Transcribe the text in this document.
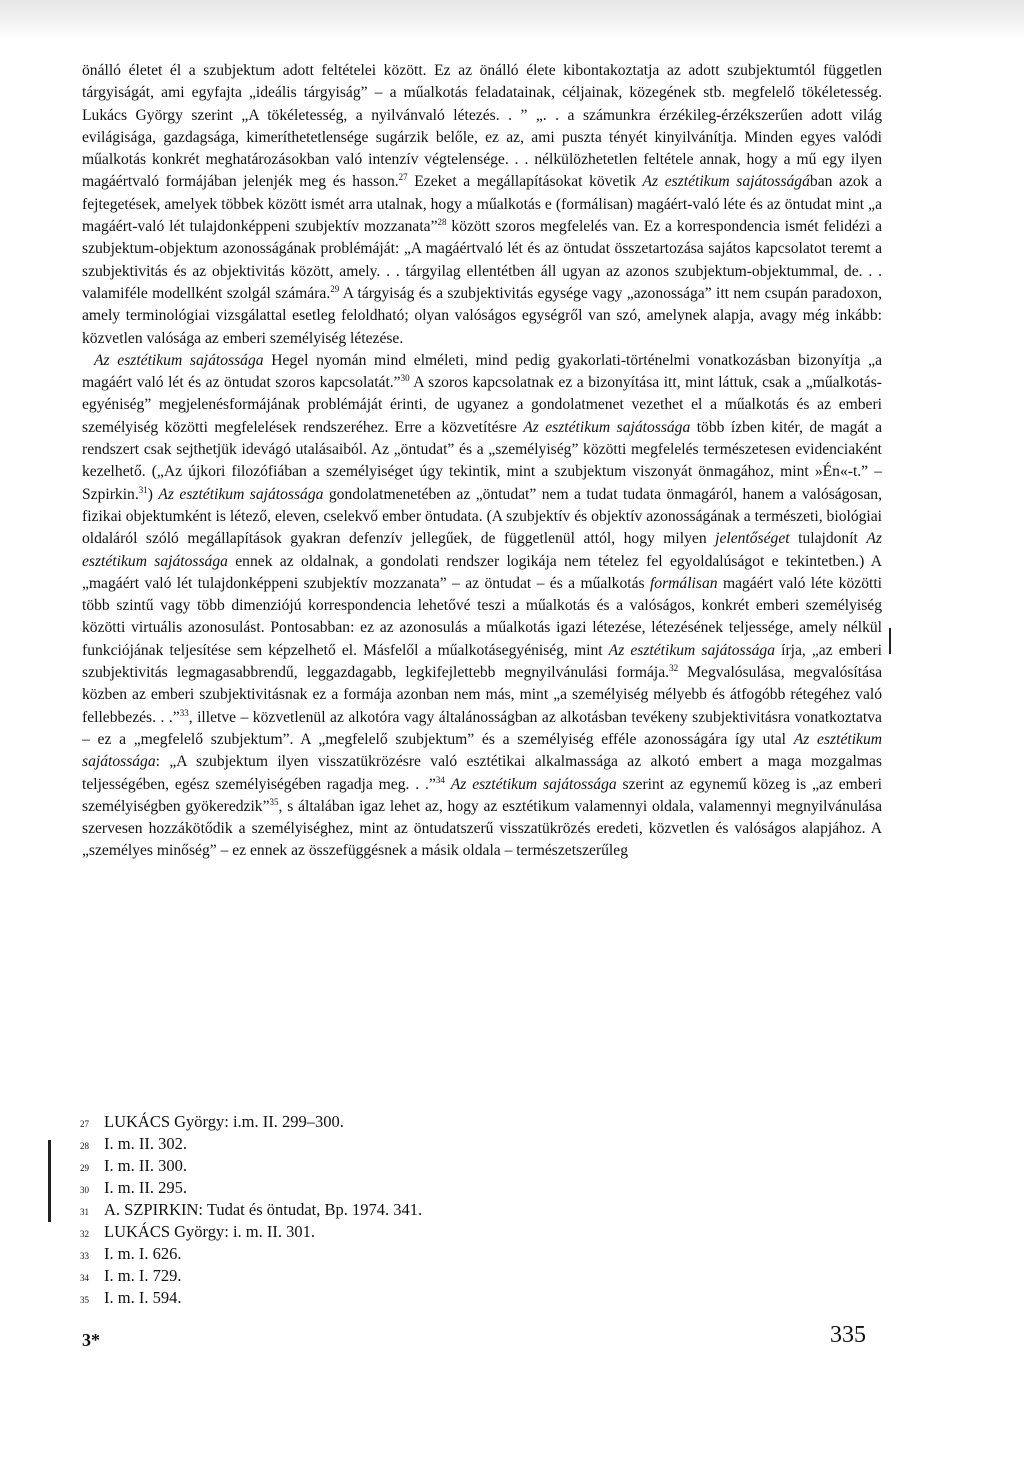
önálló életet él a szubjektum adott feltételei között. Ez az önálló élete kibontakoztatja az adott szubjektumtól független tárgyiságát, ami egyfajta „ideális tárgyiság” – a műalkotás feladatainak, céljainak, közegének stb. megfelelő tökéletesség. Lukács György szerint „A tökéletesség, a nyilvánvaló létezés. . ” „. . a számunkra érzékileg-érzékszerűen adott világ evilágisága, gazdagsága, kimeríthetetlensége sugárzik belőle, ez az, ami puszta tényét kinyilvánítja. Minden egyes valódi műalkotás konkrét meghatározásokban való intenzív végtelensége. . . nélkülözhetetlen feltétele annak, hogy a mű egy ilyen magáértvaló formájában jelenjék meg és hasson.$^{27}$ Ezeket a megállapításokat követik Az esztétikum sajátosságában azok a fejtegetések, amelyek többek között ismét arra utalnak, hogy a műalkotás e (formálisan) magáért-való léte és az öntudat mint „a magáért-való lét tulajdonképpeni szubjektív mozzanata”$^{28}$ között szoros megfelelés van. Ez a korrespondencia ismét felidézi a szubjektum-objektum azonosságának problémáját: „A magáértvaló lét és az öntudat összetartozása sajátos kapcsolatot teremt a szubjektivitás és az objektivitás között, amely. . . tárgyilag ellentétben áll ugyan az azonos szubjektum-objektummal, de. . . valamiféle modellként szolgál számára.$^{29}$ A tárgyiság és a szubjektivitás egysége vagy „azonossága” itt nem csupán paradoxon, amely terminológiai vizsgálattal esetleg feloldható; olyan valóságos egységről van szó, amelynek alapja, avagy még inkább: közvetlen valósága az emberi személyiség létezése.

Az esztétikum sajátossága Hegel nyomán mind elméleti, mind pedig gyakorlati-történelmi vonatkozásban bizonyítja „a magáért való lét és az öntudat szoros kapcsolatát.”$^{30}$ A szoros kapcsolatnak ez a bizonyítása itt, mint láttuk, csak a „műalkotás-egyéniség” megjelenésformájának problémáját érinti, de ugyanez a gondolatmenet vezethet el a műalkotás és az emberi személyiség közötti megfelelések rendszeréhez. Erre a közvetítésre Az esztétikum sajátossága több ízben kitér, de magát a rendszert csak sejthetjük idevágó utalásaiból. Az „öntudat” és a „személyiség” közötti megfelelés természetesen evidenciaként kezelhető. („Az újkori filozófiában a személyiséget úgy tekintik, mint a szubjektum viszonyát önmagához, mint »Én«-t.” – Szpirkin.$^{31}$) Az esztétikum sajátossága gondolatmenetében az „öntudat” nem a tudat tudata önmagáról, hanem a valóságosan, fizikai objektumként is létező, eleven, cselekvő ember öntudata. (A szubjektív és objektív azonosságának a természeti, biológiai oldaláról szóló megállapítások gyakran defenzív jellegűek, de függetlenül attól, hogy milyen jelentőséget tulajdonít Az esztétikum sajátossága ennek az oldalnak, a gondolati rendszer logikája nem tételez fel egyoldalúságot e tekintetben.) A „magáért való lét tulajdonképpeni szubjektív mozzanata” – az öntudat – és a műalkotás formálisan magáért való léte közötti több szintű vagy több dimenziójú korrespondencia lehetővé teszi a műalkotás és a valóságos, konkrét emberi személyiség közötti virtuális azonosulást. Pontosabban: ez az azonosulás a műalkotás igazi létezése, létezésének teljessége, amely nélkül funkciójának teljesítése sem képzelhető el. Másfelől a műalkotásegyéniség, mint Az esztétikum sajátossága írja, „az emberi szubjektivitás legmagasabbrendű, leggazdagabb, legkifejlettebb megnyilvánulási formája.$^{32}$ Megvalósulása, megvalósítása közben az emberi szubjektivitásnak ez a formája azonban nem más, mint „a személyiség mélyebb és átfogóbb rétegéhez való fellebbezés. . .”$^{33}$, illetve – közvetlenül az alkotóra vagy általánosságban az alkotásban tevékeny szubjektivitásra vonatkoztatva – ez a „megfelelő szubjektum”. A „megfelelő szubjektum” és a személyiség efféle azonosságára így utal Az esztétikum sajátossága: „A szubjektum ilyen visszatükrözésre való esztétikai alkalmassága az alkotó embert a maga mozgalmas teljességében, egész személyiségében ragadja meg. . .”$^{34}$ Az esztétikum sajátossága szerint az egynemű közeg is „az emberi személyiségben gyökeredzik”$^{35}$, s általában igaz lehet az, hogy az esztétikum valamennyi oldala, valamennyi megnyilvánulása szervesen hozzákötődik a személyiséghez, mint az öntudatszerű visszatükrözés eredeti, közvetlen és valóságos alapjához. A „személyes minőség” – ez ennek az összefüggésnek a másik oldala – természetszerűleg

27 LUKÁCS György: i.m. II. 299–300.
28 I. m. II. 302.
29 I. m. II. 300.
30 I. m. II. 295.
31 A. SZPIRKIN: Tudat és öntudat, Bp. 1974. 341.
32 LUKÁCS György: i. m. II. 301.
33 I. m. I. 626.
34 I. m. I. 729.
35 I. m. I. 594.
3*	335
